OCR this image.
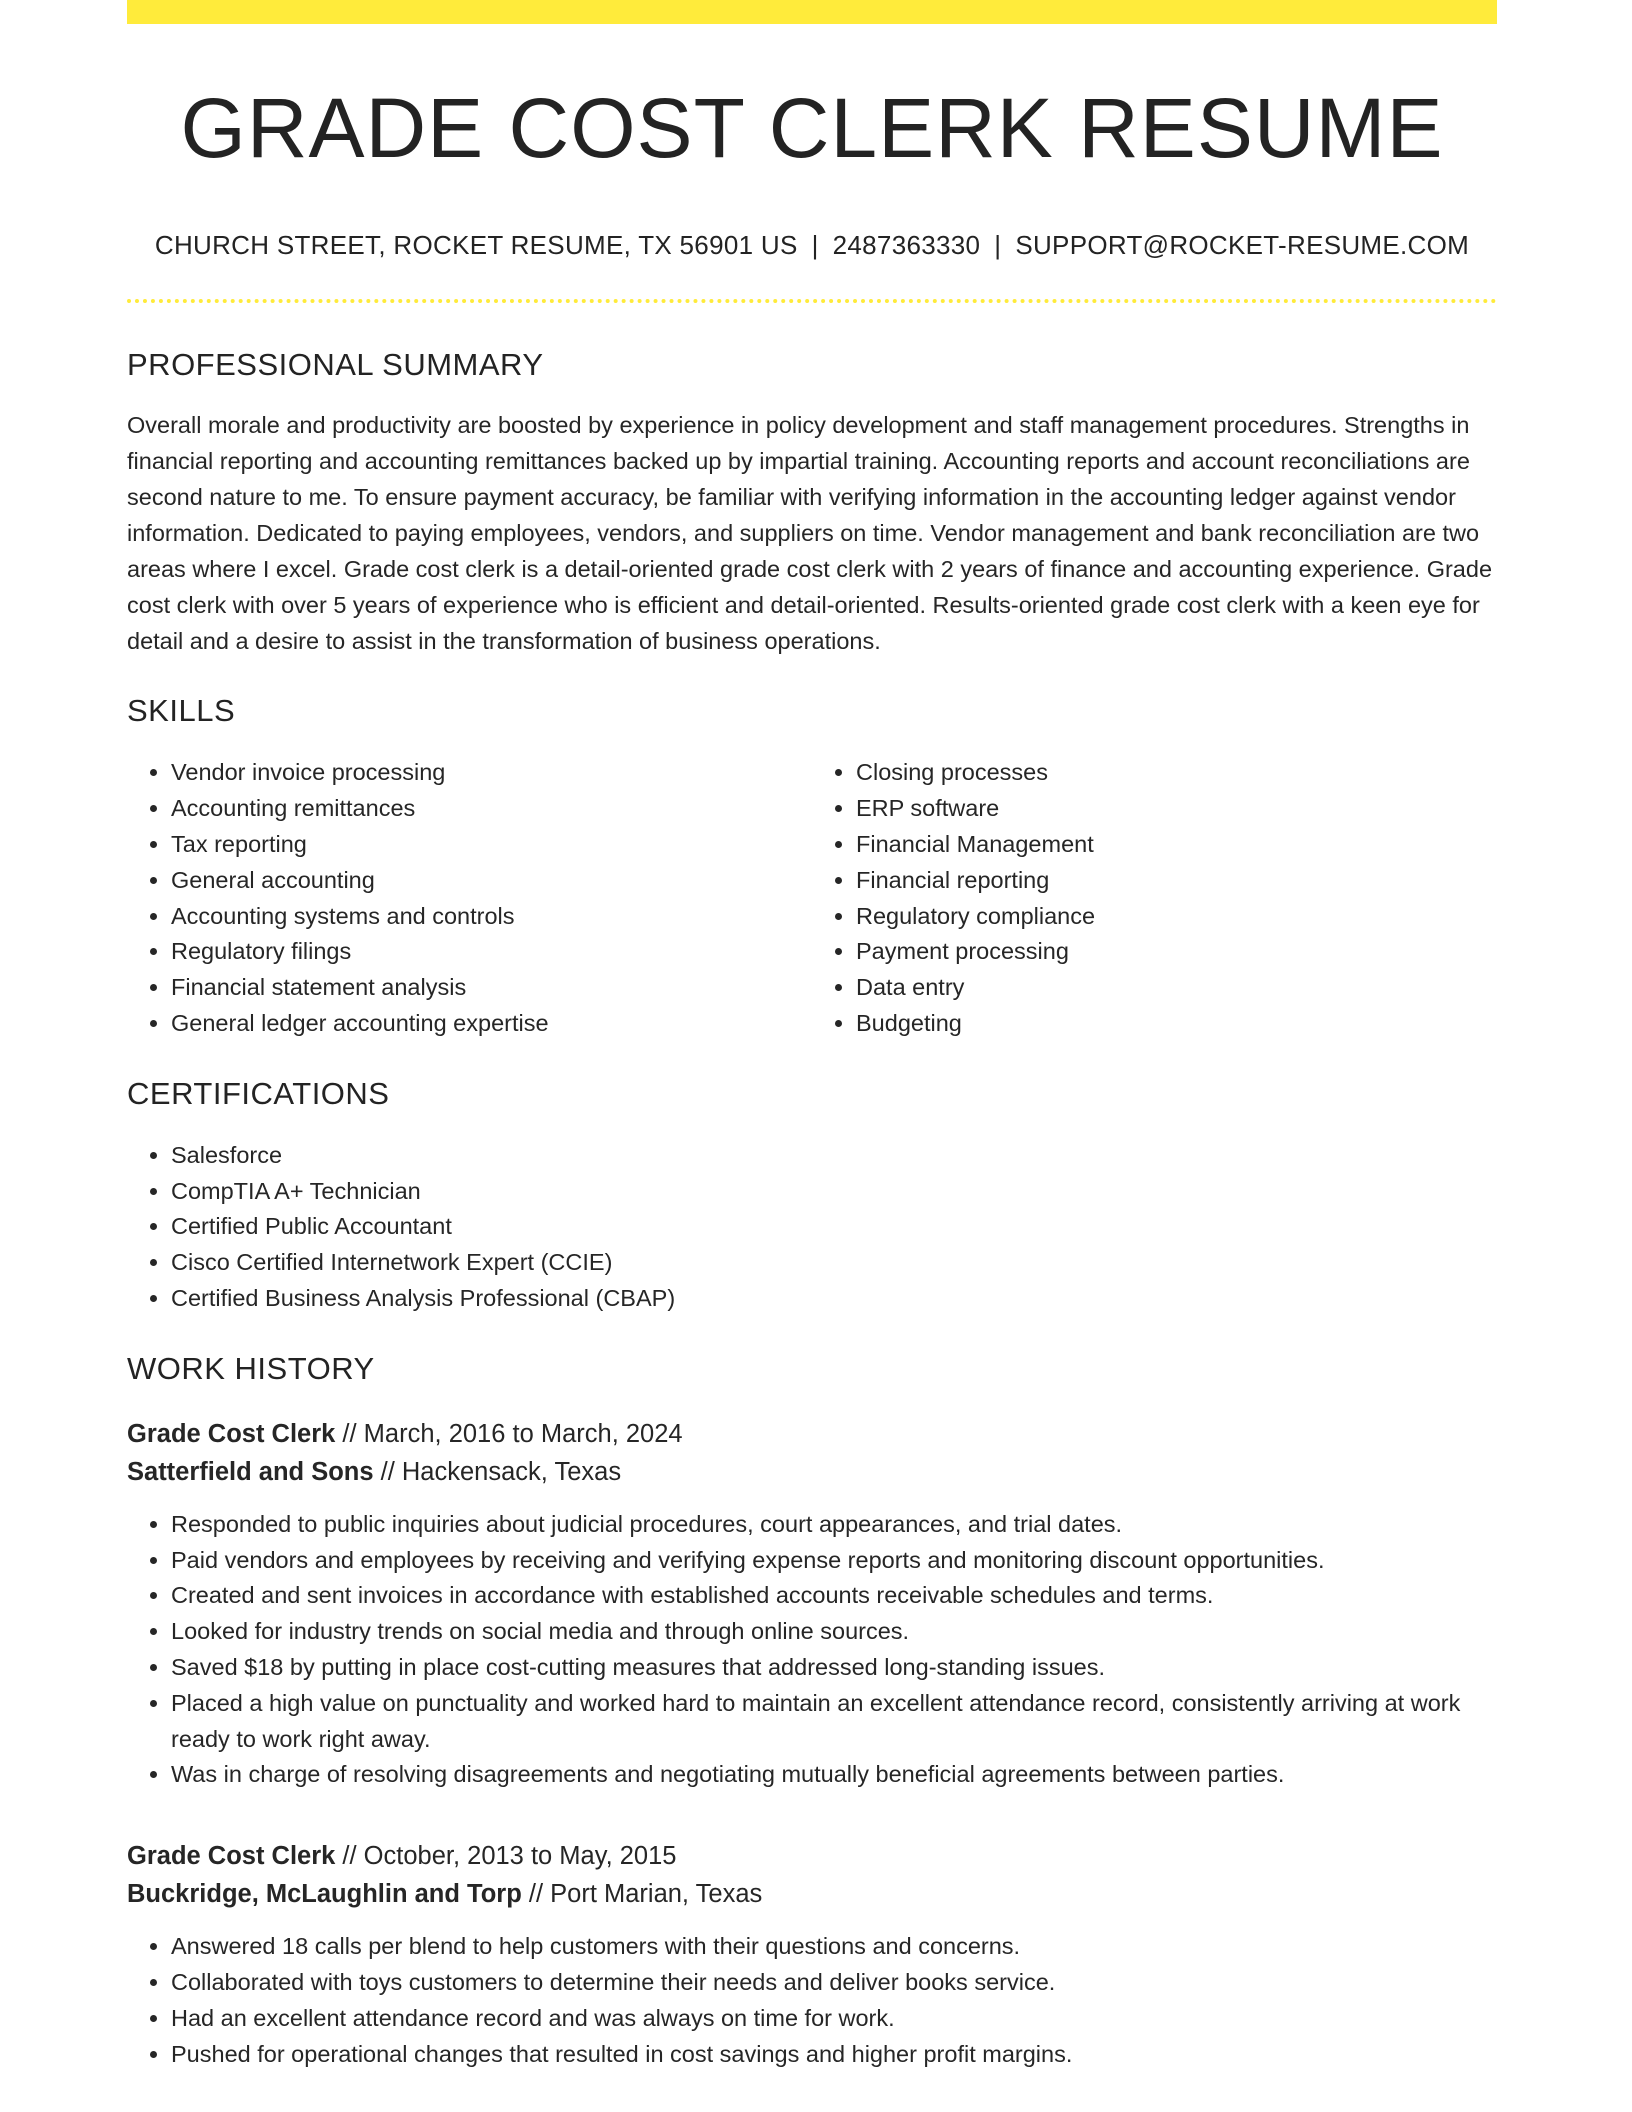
GRADE COST CLERK RESUME
CHURCH STREET, ROCKET RESUME, TX 56901 US | 2487363330 | SUPPORT@ROCKET-RESUME.COM
PROFESSIONAL SUMMARY

Overall morale and productivity are boosted by experience in policy development and staff management procedures. Strengths in financial reporting and accounting remittances backed up by impartial training. Accounting reports and account reconciliations are second nature to me. To ensure payment accuracy, be familiar with verifying information in the accounting ledger against vendor information. Dedicated to paying employees, vendors, and suppliers on time. Vendor management and bank reconciliation are two areas where I excel. Grade cost clerk is a detail-oriented grade cost clerk with 2 years of finance and accounting experience. Grade cost clerk with over 5 years of experience who is efficient and detail-oriented. Results-oriented grade cost clerk with a keen eye for detail and a desire to assist in the transformation of business operations.

SKILLS
• Vendor invoice processing
• Accounting remittances
• Tax reporting
• General accounting
• Accounting systems and controls
• Regulatory filings
• Financial statement analysis
• General ledger accounting expertise
• Closing processes
• ERP software
• Financial Management
• Financial reporting
• Regulatory compliance
• Payment processing
• Data entry
• Budgeting
CERTIFICATIONS
• Salesforce
• CompTIA A+ Technician
• Certified Public Accountant
• Cisco Certified Internetwork Expert (CCIE)
• Certified Business Analysis Professional (CBAP)
WORK HISTORY
Grade Cost Clerk // March, 2016 to March, 2024
Satterfield and Sons // Hackensack, Texas
• Responded to public inquiries about judicial procedures, court appearances, and trial dates.
• Paid vendors and employees by receiving and verifying expense reports and monitoring discount opportunities.
• Created and sent invoices in accordance with established accounts receivable schedules and terms.
• Looked for industry trends on social media and through online sources.
• Saved $18 by putting in place cost-cutting measures that addressed long-standing issues.
• Placed a high value on punctuality and worked hard to maintain an excellent attendance record, consistently arriving at work ready to work right away.
• Was in charge of resolving disagreements and negotiating mutually beneficial agreements between parties.
Grade Cost Clerk // October, 2013 to May, 2015
Buckridge, McLaughlin and Torp // Port Marian, Texas
• Answered 18 calls per blend to help customers with their questions and concerns.
• Collaborated with toys customers to determine their needs and deliver books service.
• Had an excellent attendance record and was always on time for work.
• Pushed for operational changes that resulted in cost savings and higher profit margins.
